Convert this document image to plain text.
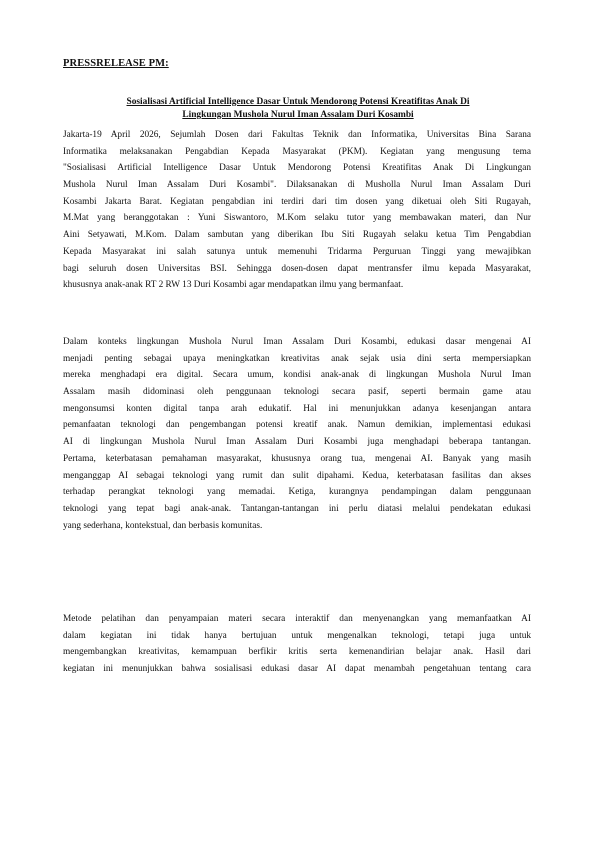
PRESSRELEASE PM:
Sosialisasi Artificial Intelligence Dasar Untuk Mendorong Potensi Kreatifitas Anak Di
Lingkungan Mushola Nurul Iman Assalam Duri Kosambi
Jakarta-19 April 2026, Sejumlah Dosen dari Fakultas Teknik dan Informatika, Universitas Bina Sarana
Informatika melaksanakan Pengabdian Kepada Masyarakat (PKM). Kegiatan yang mengusung tema
"Sosialisasi Artificial Intelligence Dasar Untuk Mendorong Potensi Kreatifitas Anak Di Lingkungan
Mushola Nurul Iman Assalam Duri Kosambi". Dilaksanakan di Musholla Nurul Iman Assalam Duri
Kosambi Jakarta Barat. Kegiatan pengabdian ini terdiri dari tim dosen yang diketuai oleh Siti Rugayah,
M.Mat yang beranggotakan : Yuni Siswantoro, M.Kom selaku tutor yang membawakan materi, dan Nur
Aini Setyawati, M.Kom. Dalam sambutan yang diberikan Ibu Siti Rugayah selaku ketua Tim Pengabdian
Kepada Masyarakat ini salah satunya untuk memenuhi Tridarma Perguruan Tinggi yang mewajibkan
bagi seluruh dosen Universitas BSI. Sehingga dosen-dosen dapat mentransfer ilmu kepada Masyarakat,
khususnya anak-anak RT 2 RW 13 Duri Kosambi agar mendapatkan ilmu yang bermanfaat.
Dalam konteks lingkungan Mushola Nurul Iman Assalam Duri Kosambi, edukasi dasar mengenai AI
menjadi penting sebagai upaya meningkatkan kreativitas anak sejak usia dini serta mempersiapkan
mereka menghadapi era digital. Secara umum, kondisi anak-anak di lingkungan Mushola Nurul Iman
Assalam masih didominasi oleh penggunaan teknologi secara pasif, seperti bermain game atau
mengonsumsi konten digital tanpa arah edukatif. Hal ini menunjukkan adanya kesenjangan antara
pemanfaatan teknologi dan pengembangan potensi kreatif anak. Namun demikian, implementasi edukasi
AI di lingkungan Mushola Nurul Iman Assalam Duri Kosambi juga menghadapi beberapa tantangan.
Pertama, keterbatasan pemahaman masyarakat, khususnya orang tua, mengenai AI. Banyak yang masih
menganggap AI sebagai teknologi yang rumit dan sulit dipahami. Kedua, keterbatasan fasilitas dan akses
terhadap perangkat teknologi yang memadai. Ketiga, kurangnya pendampingan dalam penggunaan
teknologi yang tepat bagi anak-anak. Tantangan-tantangan ini perlu diatasi melalui pendekatan edukasi
yang sederhana, kontekstual, dan berbasis komunitas.
Metode pelatihan dan penyampaian materi secara interaktif dan menyenangkan yang memanfaatkan AI
dalam kegiatan ini tidak hanya bertujuan untuk mengenalkan teknologi, tetapi juga untuk
mengembangkan kreativitas, kemampuan berfikir kritis serta kemenandirian belajar anak. Hasil dari
kegiatan ini menunjukkan bahwa sosialisasi edukasi dasar AI dapat menambah pengetahuan tentang cara
